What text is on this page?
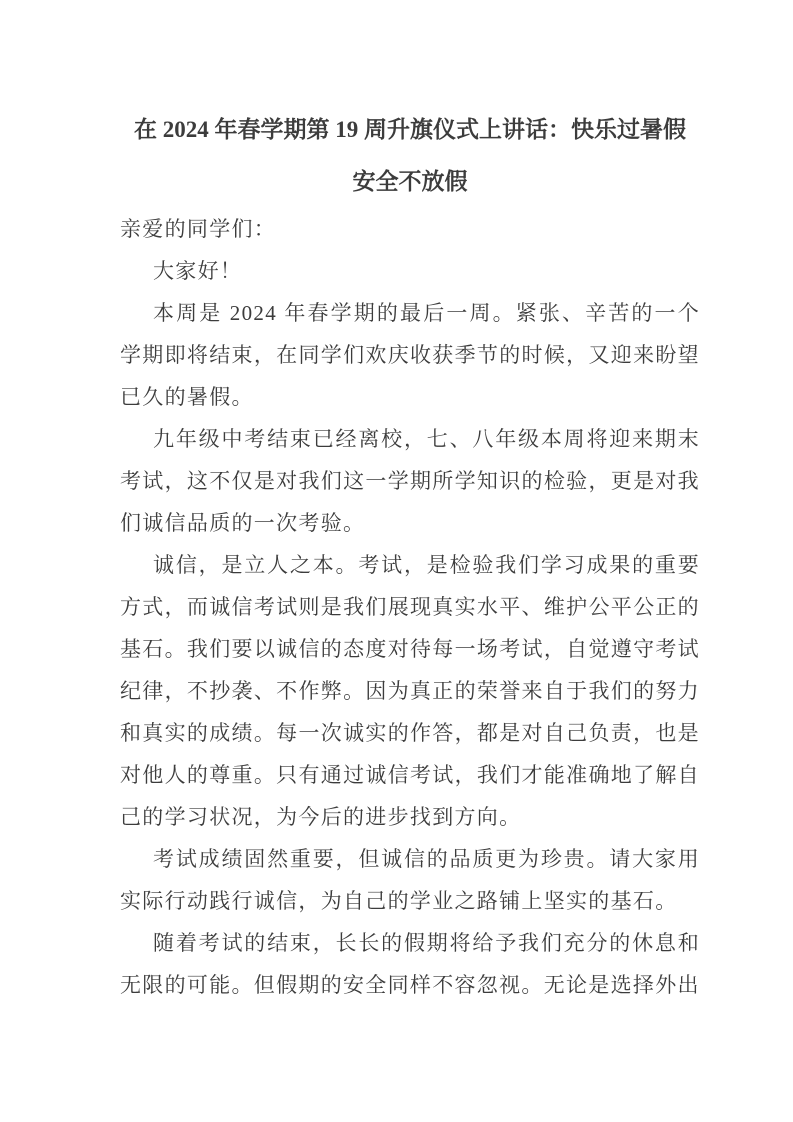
在 2024 年春学期第 19 周升旗仪式上讲话：快乐过暑假 安全不放假

亲爱的同学们：

大家好！

本周是 2024 年春学期的最后一周。紧张、辛苦的一个学期即将结束，在同学们欢庆收获季节的时候，又迎来盼望已久的暑假。

九年级中考结束已经离校，七、八年级本周将迎来期末考试，这不仅是对我们这一学期所学知识的检验，更是对我们诚信品质的一次考验。

诚信，是立人之本。考试，是检验我们学习成果的重要方式，而诚信考试则是我们展现真实水平、维护公平公正的基石。我们要以诚信的态度对待每一场考试，自觉遵守考试纪律，不抄袭、不作弊。因为真正的荣誉来自于我们的努力和真实的成绩。每一次诚实的作答，都是对自己负责，也是对他人的尊重。只有通过诚信考试，我们才能准确地了解自己的学习状况，为今后的进步找到方向。

考试成绩固然重要，但诚信的品质更为珍贵。请大家用实际行动践行诚信，为自己的学业之路铺上坚实的基石。

随着考试的结束，长长的假期将给予我们充分的休息和无限的可能。但假期的安全同样不容忽视。无论是选择外出
